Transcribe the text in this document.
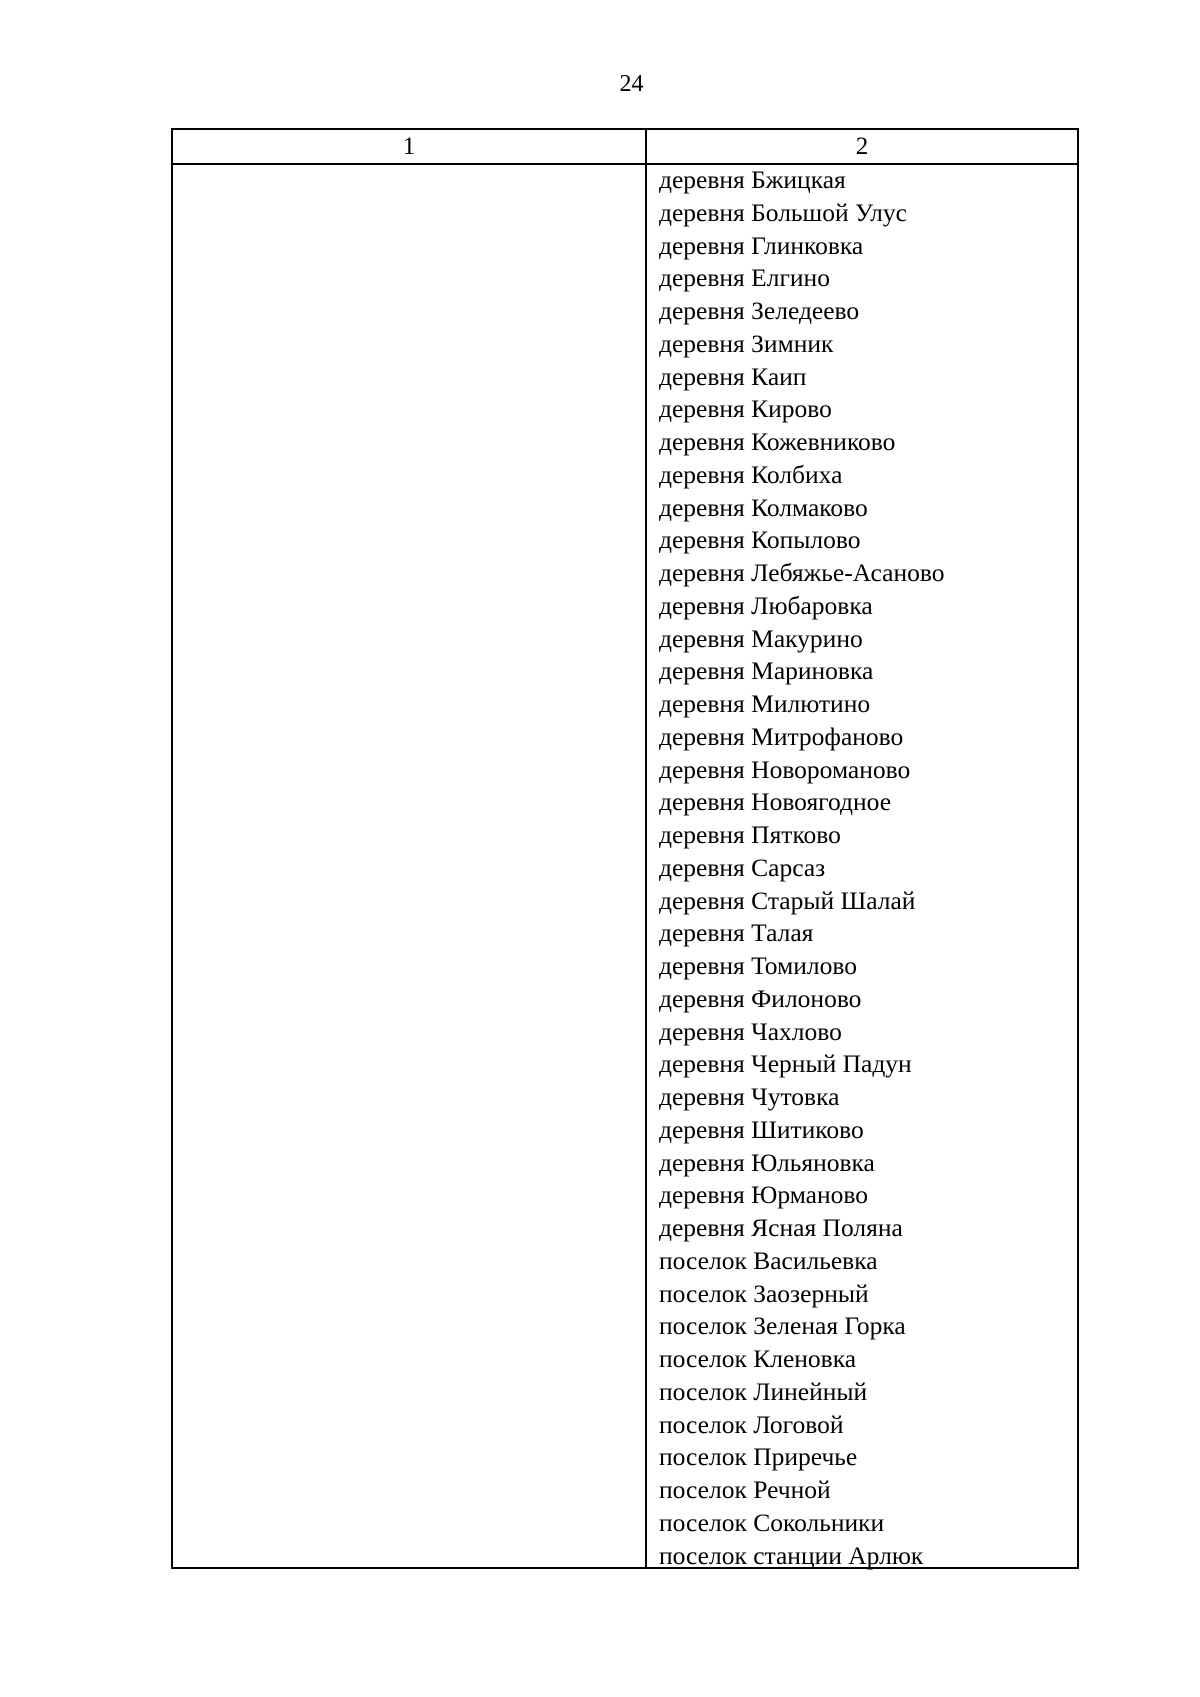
24
1	2
деревня Бжицкая
деревня Большой Улус
деревня Глинковка
деревня Елгино
деревня Зеледеево
деревня Зимник
деревня Каип
деревня Кирово
деревня Кожевниково
деревня Колбиха
деревня Колмаково
деревня Копылово
деревня Лебяжье-Асаново
деревня Любаровка
деревня Макурино
деревня Мариновка
деревня Милютино
деревня Митрофаново
деревня Новороманово
деревня Новоягодное
деревня Пятково
деревня Сарсаз
деревня Старый Шалай
деревня Талая
деревня Томилово
деревня Филоново
деревня Чахлово
деревня Черный Падун
деревня Чутовка
деревня Шитиково
деревня Юльяновка
деревня Юрманово
деревня Ясная Поляна
поселок Васильевка
поселок Заозерный
поселок Зеленая Горка
поселок Кленовка
поселок Линейный
поселок Логовой
поселок Приречье
поселок Речной
поселок Сокольники
поселок станции Арлюк
